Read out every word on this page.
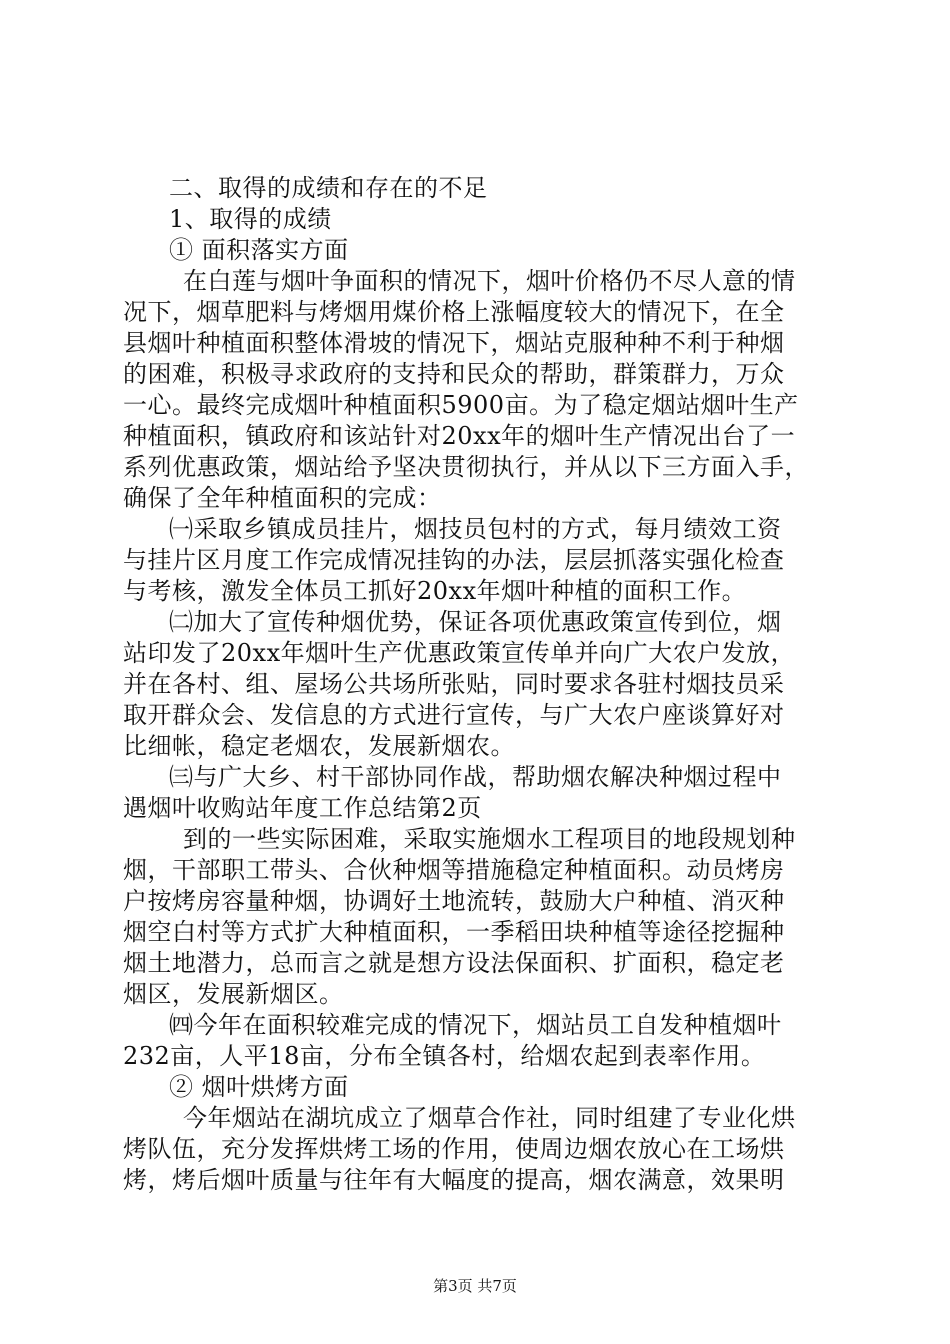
二、取得的成绩和存在的不足
1、取得的成绩
① 面积落实方面
在白莲与烟叶争面积的情况下，烟叶价格仍不尽人意的情
况下，烟草肥料与烤烟用煤价格上涨幅度较大的情况下，在全
县烟叶种植面积整体滑坡的情况下，烟站克服种种不利于种烟
的困难，积极寻求政府的支持和民众的帮助，群策群力，万众
一心。最终完成烟叶种植面积5900亩。为了稳定烟站烟叶生产
种植面积，镇政府和该站针对20xx年的烟叶生产情况出台了一
系列优惠政策，烟站给予坚决贯彻执行，并从以下三方面入手，
确保了全年种植面积的完成：
㈠采取乡镇成员挂片，烟技员包村的方式，每月绩效工资
与挂片区月度工作完成情况挂钩的办法，层层抓落实强化检查
与考核，激发全体员工抓好20xx年烟叶种植的面积工作。
㈡加大了宣传种烟优势，保证各项优惠政策宣传到位，烟
站印发了20xx年烟叶生产优惠政策宣传单并向广大农户发放，
并在各村、组、屋场公共场所张贴，同时要求各驻村烟技员采
取开群众会、发信息的方式进行宣传，与广大农户座谈算好对
比细帐，稳定老烟农，发展新烟农。
㈢与广大乡、村干部协同作战，帮助烟农解决种烟过程中
遇烟叶收购站年度工作总结第2页
到的一些实际困难，采取实施烟水工程项目的地段规划种
烟，干部职工带头、合伙种烟等措施稳定种植面积。动员烤房
户按烤房容量种烟，协调好土地流转，鼓励大户种植、消灭种
烟空白村等方式扩大种植面积，一季稻田块种植等途径挖掘种
烟土地潜力，总而言之就是想方设法保面积、扩面积，稳定老
烟区，发展新烟区。
㈣今年在面积较难完成的情况下，烟站员工自发种植烟叶
232亩，人平18亩，分布全镇各村，给烟农起到表率作用。
② 烟叶烘烤方面
今年烟站在湖坑成立了烟草合作社，同时组建了专业化烘
烤队伍，充分发挥烘烤工场的作用，使周边烟农放心在工场烘
烤，烤后烟叶质量与往年有大幅度的提高，烟农满意，效果明
第3页 共7页
